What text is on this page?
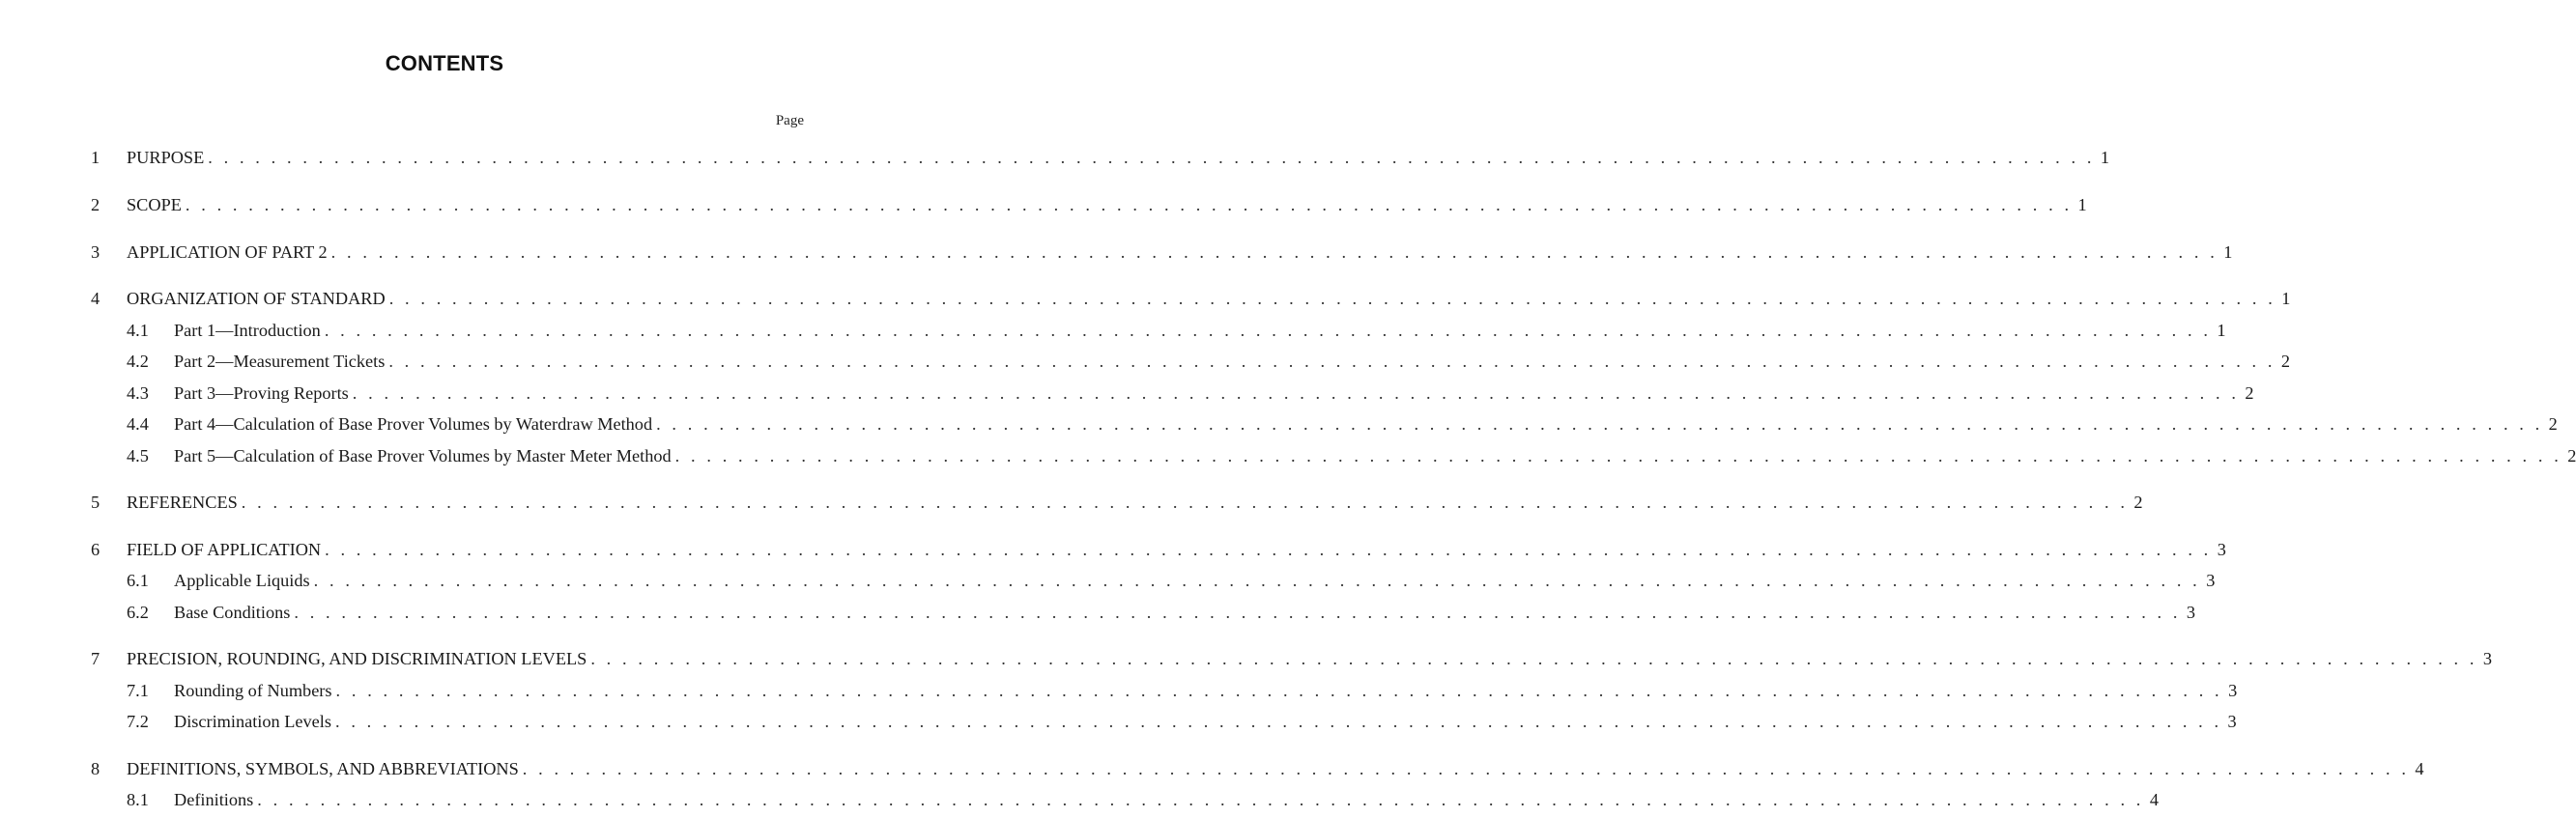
CONTENTS
Page
1	PURPOSE . . . . . . . . . . . . . . . . . . . . . . . . . . . . . . . . . . . . . . . . . . . . . . . . . . . . . . . . . . . . . . . . . . . . . . . . . . . . . . . . . . . . . . . . . . . . . . . . . . . . . . . . . . . . . . . . . . . . . . . . 1
2	SCOPE . . . . . . . . . . . . . . . . . . . . . . . . . . . . . . . . . . . . . . . . . . . . . . . . . . . . . . . . . . . . . . . . . . . . . . . . . . . . . . . . . . . . . . . . . . . . . . . . . . . . . . . . . . . . . . . . . . . . . . . . 1
3	APPLICATION OF PART 2 . . . . . . . . . . . . . . . . . . . . . . . . . . . . . . . . . . . . . . . . . . . . . . . . . . . . . . . . . . . . . . . . . . . . . . . . . . . . . . . . . . . . . . . . . . . . . . . . . . . . . . . . . . . . . . . . . . . . . . . . 1
4	ORGANIZATION OF STANDARD . . . . . . . . . . . . . . . . . . . . . . . . . . . . . . . . . . . . . . . . . . . . . . . . . . . . . . . . . . . . . . . . . . . . . . . . . . . . . . . . . . . . . . . . . . . . . . . . . . . . . . . . . . . . . . . . . . . . . . . . 1
4.1	Part 1—Introduction . . . . . . . . . . . . . . . . . . . . . . . . . . . . . . . . . . . . . . . . . . . . . . . . . . . . . . . . . . . . . . . . . . . . . . . . . . . . . . . . . . . . . . . . . . . . . . . . . . . . . . . . . . . . . . . . . . . . . . . . 1
4.2	Part 2—Measurement Tickets . . . . . . . . . . . . . . . . . . . . . . . . . . . . . . . . . . . . . . . . . . . . . . . . . . . . . . . . . . . . . . . . . . . . . . . . . . . . . . . . . . . . . . . . . . . . . . . . . . . . . . . . . . . . . . . . . . . . . . . . 2
4.3	Part 3—Proving Reports . . . . . . . . . . . . . . . . . . . . . . . . . . . . . . . . . . . . . . . . . . . . . . . . . . . . . . . . . . . . . . . . . . . . . . . . . . . . . . . . . . . . . . . . . . . . . . . . . . . . . . . . . . . . . . . . . . . . . . . . 2
4.4	Part 4—Calculation of Base Prover Volumes by Waterdraw Method . . . . . . . . . . . . . . . . . . . . . . . . . . . . . . . . . . . . . . . . . . . . . . . . . . . . . . . . . . . . . . . . . . . . . . . . . . . . . . . . . . . . . . . . . . . . . . . . . . . . . . . . . . . . . . . . . . . . . . . . 2
4.5	Part 5—Calculation of Base Prover Volumes by Master Meter Method . . . . . . . . . . . . . . . . . . . . . . . . . . . . . . . . . . . . . . . . . . . . . . . . . . . . . . . . . . . . . . . . . . . . . . . . . . . . . . . . . . . . . . . . . . . . . . . . . . . . . . . . . . . . . . . . . . . . . . . . 2
5	REFERENCES . . . . . . . . . . . . . . . . . . . . . . . . . . . . . . . . . . . . . . . . . . . . . . . . . . . . . . . . . . . . . . . . . . . . . . . . . . . . . . . . . . . . . . . . . . . . . . . . . . . . . . . . . . . . . . . . . . . . . . . . 2
6	FIELD OF APPLICATION . . . . . . . . . . . . . . . . . . . . . . . . . . . . . . . . . . . . . . . . . . . . . . . . . . . . . . . . . . . . . . . . . . . . . . . . . . . . . . . . . . . . . . . . . . . . . . . . . . . . . . . . . . . . . . . . . . . . . . . . 3
6.1	Applicable Liquids . . . . . . . . . . . . . . . . . . . . . . . . . . . . . . . . . . . . . . . . . . . . . . . . . . . . . . . . . . . . . . . . . . . . . . . . . . . . . . . . . . . . . . . . . . . . . . . . . . . . . . . . . . . . . . . . . . . . . . . . 3
6.2	Base Conditions . . . . . . . . . . . . . . . . . . . . . . . . . . . . . . . . . . . . . . . . . . . . . . . . . . . . . . . . . . . . . . . . . . . . . . . . . . . . . . . . . . . . . . . . . . . . . . . . . . . . . . . . . . . . . . . . . . . . . . . . 3
7	PRECISION, ROUNDING, AND DISCRIMINATION LEVELS . . . . . . . . . . . . . . . . . . . . . . . . . . . . . . . . . . . . . . . . . . . . . . . . . . . . . . . . . . . . . . . . . . . . . . . . . . . . . . . . . . . . . . . . . . . . . . . . . . . . . . . . . . . . . . . . . . . . . . . . 3
7.1	Rounding of Numbers . . . . . . . . . . . . . . . . . . . . . . . . . . . . . . . . . . . . . . . . . . . . . . . . . . . . . . . . . . . . . . . . . . . . . . . . . . . . . . . . . . . . . . . . . . . . . . . . . . . . . . . . . . . . . . . . . . . . . . . . 3
7.2	Discrimination Levels . . . . . . . . . . . . . . . . . . . . . . . . . . . . . . . . . . . . . . . . . . . . . . . . . . . . . . . . . . . . . . . . . . . . . . . . . . . . . . . . . . . . . . . . . . . . . . . . . . . . . . . . . . . . . . . . . . . . . . . . 3
8	DEFINITIONS, SYMBOLS, AND ABBREVIATIONS . . . . . . . . . . . . . . . . . . . . . . . . . . . . . . . . . . . . . . . . . . . . . . . . . . . . . . . . . . . . . . . . . . . . . . . . . . . . . . . . . . . . . . . . . . . . . . . . . . . . . . . . . . . . . . . . . . . . . . . . 4
8.1	Definitions . . . . . . . . . . . . . . . . . . . . . . . . . . . . . . . . . . . . . . . . . . . . . . . . . . . . . . . . . . . . . . . . . . . . . . . . . . . . . . . . . . . . . . . . . . . . . . . . . . . . . . . . . . . . . . . . . . . . . . . . 4
